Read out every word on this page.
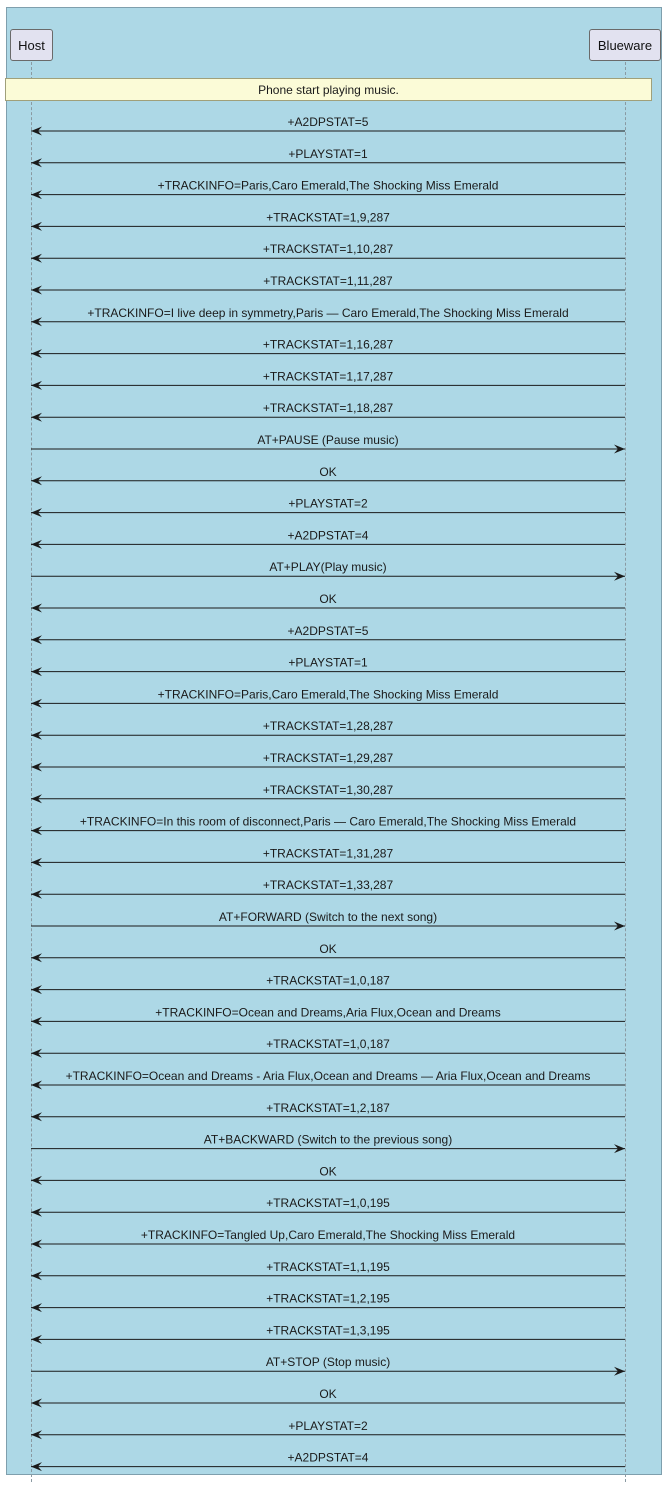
Host	Blueware
Phone start playing music.
+A2DPSTAT=5
+PLAYSTAT=1
+TRACKINFO=Paris,Caro Emerald,The Shocking Miss Emerald
+TRACKSTAT=1,9,287
+TRACKSTAT=1,10,287
+TRACKSTAT=1,11,287
+TRACKINFO=I live deep in symmetry,Paris — Caro Emerald,The Shocking Miss Emerald
+TRACKSTAT=1,16,287
+TRACKSTAT=1,17,287
+TRACKSTAT=1,18,287
AT+PAUSE (Pause music)
OK
+PLAYSTAT=2
+A2DPSTAT=4
AT+PLAY(Play music)
OK
+A2DPSTAT=5
+PLAYSTAT=1
+TRACKINFO=Paris,Caro Emerald,The Shocking Miss Emerald
+TRACKSTAT=1,28,287
+TRACKSTAT=1,29,287
+TRACKSTAT=1,30,287
+TRACKINFO=In this room of disconnect,Paris — Caro Emerald,The Shocking Miss Emerald
+TRACKSTAT=1,31,287
+TRACKSTAT=1,33,287
AT+FORWARD (Switch to the next song)
OK
+TRACKSTAT=1,0,187
+TRACKINFO=Ocean and Dreams,Aria Flux,Ocean and Dreams
+TRACKSTAT=1,0,187
+TRACKINFO=Ocean and Dreams - Aria Flux,Ocean and Dreams — Aria Flux,Ocean and Dreams
+TRACKSTAT=1,2,187
AT+BACKWARD (Switch to the previous song)
OK
+TRACKSTAT=1,0,195
+TRACKINFO=Tangled Up,Caro Emerald,The Shocking Miss Emerald
+TRACKSTAT=1,1,195
+TRACKSTAT=1,2,195
+TRACKSTAT=1,3,195
AT+STOP (Stop music)
OK
+PLAYSTAT=2
+A2DPSTAT=4
